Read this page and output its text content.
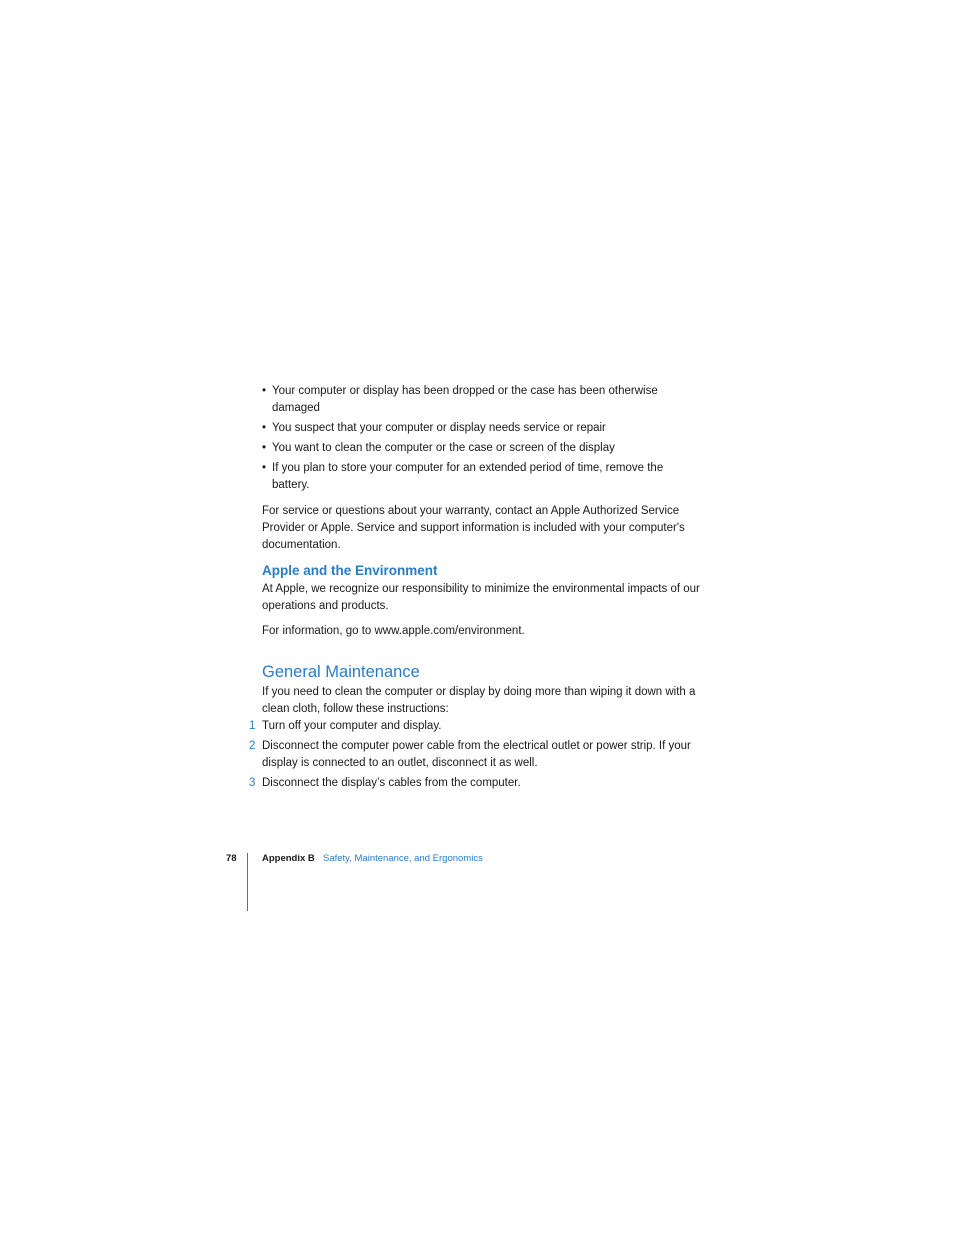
• Your computer or display has been dropped or the case has been otherwise damaged
• You suspect that your computer or display needs service or repair
• You want to clean the computer or the case or screen of the display
• If you plan to store your computer for an extended period of time, remove the battery.

For service or questions about your warranty, contact an Apple Authorized Service Provider or Apple. Service and support information is included with your computer's documentation.

Apple and the Environment

At Apple, we recognize our responsibility to minimize the environmental impacts of our operations and products.

For information, go to www.apple.com/environment.

General Maintenance

If you need to clean the computer or display by doing more than wiping it down with a clean cloth, follow these instructions:

1 Turn off your computer and display.
2 Disconnect the computer power cable from the electrical outlet or power strip. If your display is connected to an outlet, disconnect it as well.
3 Disconnect the display’s cables from the computer.
78	Appendix B Safety, Maintenance, and Ergonomics
